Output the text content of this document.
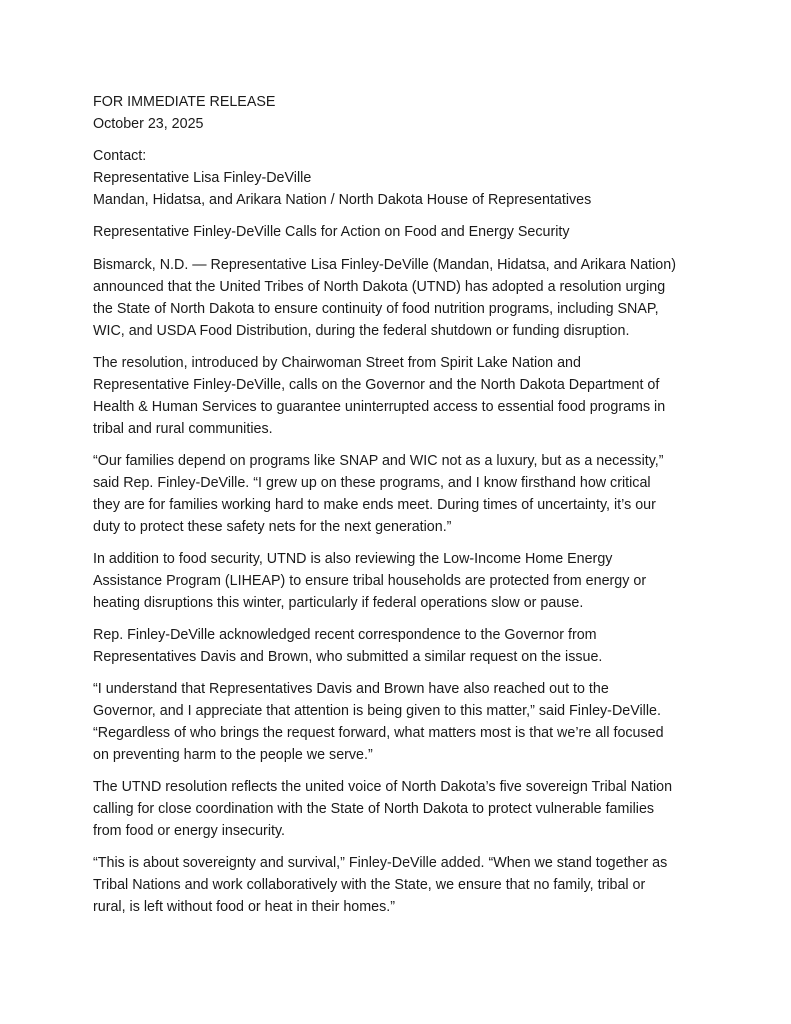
FOR IMMEDIATE RELEASE
October 23, 2025
Contact:
Representative Lisa Finley-DeVille
Mandan, Hidatsa, and Arikara Nation / North Dakota House of Representatives
Representative Finley-DeVille Calls for Action on Food and Energy Security
Bismarck, N.D. — Representative Lisa Finley-DeVille (Mandan, Hidatsa, and Arikara Nation)
announced that the United Tribes of North Dakota (UTND) has adopted a resolution urging
the State of North Dakota to ensure continuity of food nutrition programs, including SNAP,
WIC, and USDA Food Distribution, during the federal shutdown or funding disruption.
The resolution, introduced by Chairwoman Street from Spirit Lake Nation and
Representative Finley-DeVille, calls on the Governor and the North Dakota Department of
Health & Human Services to guarantee uninterrupted access to essential food programs in
tribal and rural communities.
“Our families depend on programs like SNAP and WIC not as a luxury, but as a necessity,”
said Rep. Finley-DeVille. “I grew up on these programs, and I know firsthand how critical
they are for families working hard to make ends meet. During times of uncertainty, it’s our
duty to protect these safety nets for the next generation.”
In addition to food security, UTND is also reviewing the Low-Income Home Energy
Assistance Program (LIHEAP) to ensure tribal households are protected from energy or
heating disruptions this winter, particularly if federal operations slow or pause.
Rep. Finley-DeVille acknowledged recent correspondence to the Governor from
Representatives Davis and Brown, who submitted a similar request on the issue.
“I understand that Representatives Davis and Brown have also reached out to the
Governor, and I appreciate that attention is being given to this matter,” said Finley-DeVille.
“Regardless of who brings the request forward, what matters most is that we’re all focused
on preventing harm to the people we serve.”
The UTND resolution reflects the united voice of North Dakota’s five sovereign Tribal Nation
calling for close coordination with the State of North Dakota to protect vulnerable families
from food or energy insecurity.
“This is about sovereignty and survival,” Finley-DeVille added. “When we stand together as
Tribal Nations and work collaboratively with the State, we ensure that no family, tribal or
rural, is left without food or heat in their homes.”
